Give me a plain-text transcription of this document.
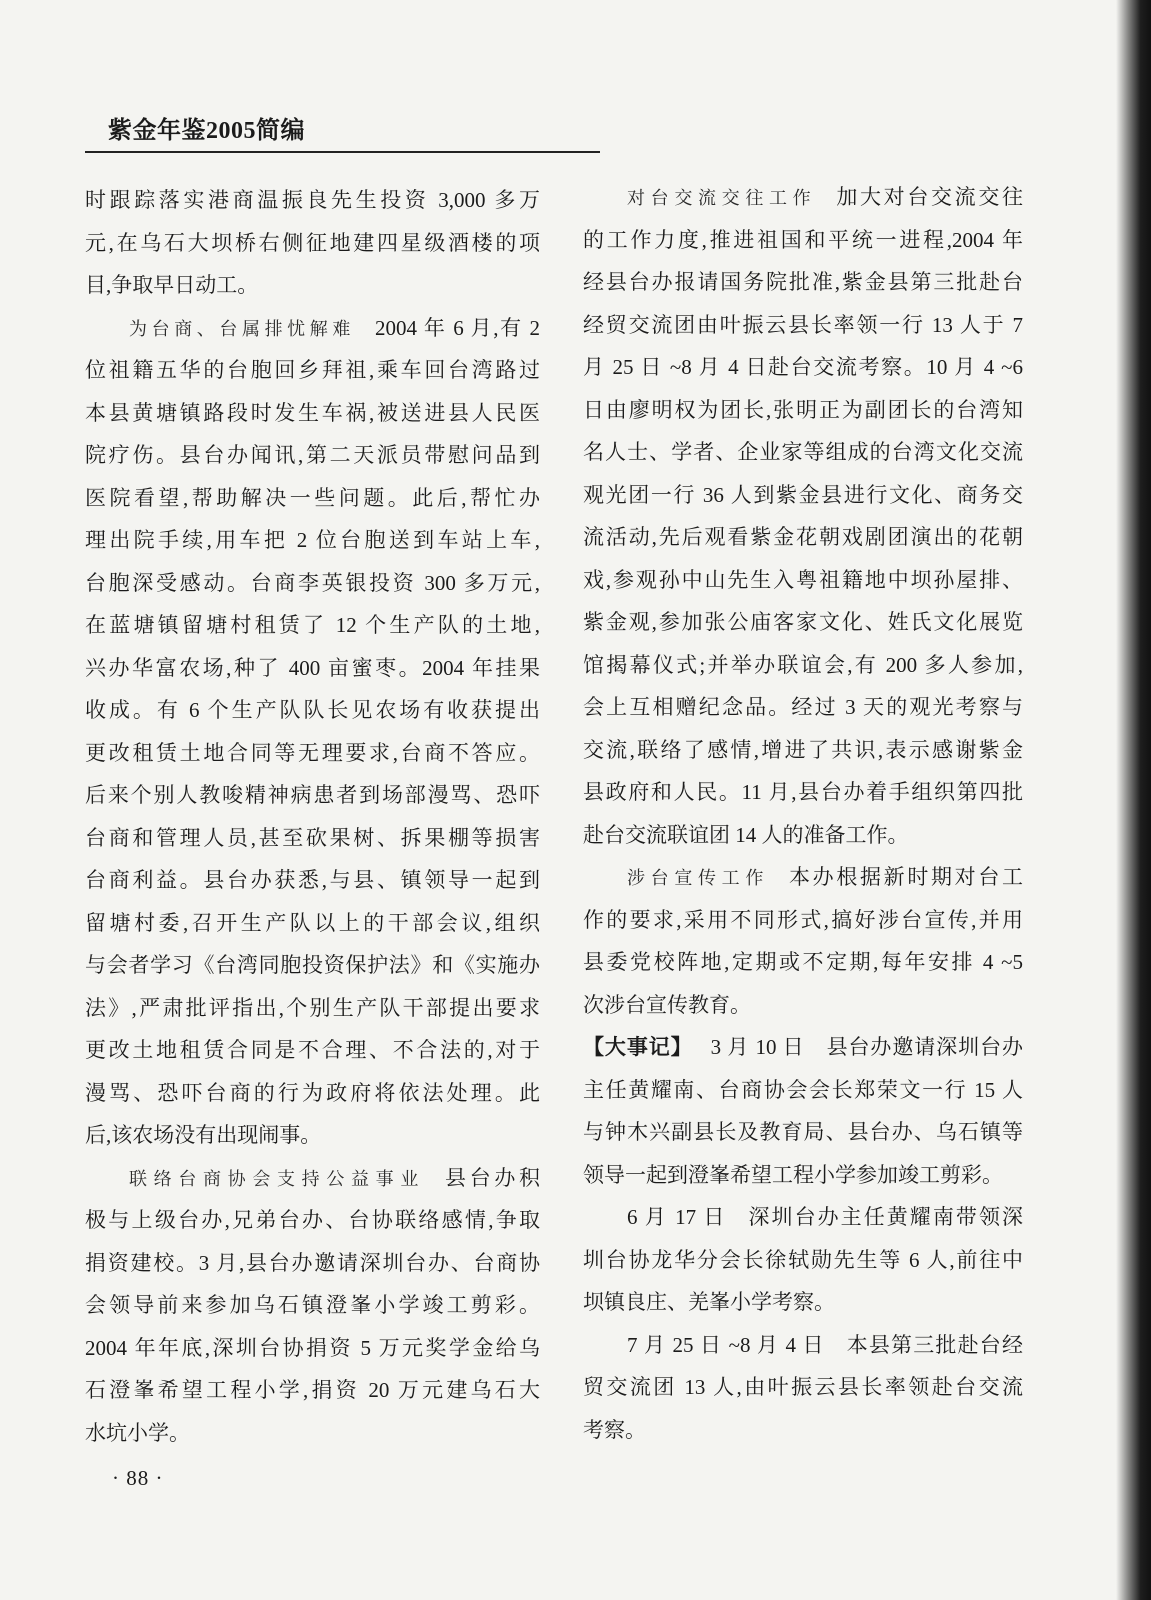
紫金年鉴2005简编
时跟踪落实港商温振良先生投资 3,000 多万
元,在乌石大坝桥右侧征地建四星级酒楼的项
目,争取早日动工。
为台商、台属排忧解难 2004 年 6 月,有 2
位祖籍五华的台胞回乡拜祖,乘车回台湾路过
本县黄塘镇路段时发生车祸,被送进县人民医
院疗伤。县台办闻讯,第二天派员带慰问品到
医院看望,帮助解决一些问题。此后,帮忙办
理出院手续,用车把 2 位台胞送到车站上车,
台胞深受感动。台商李英银投资 300 多万元,
在蓝塘镇留塘村租赁了 12 个生产队的土地,
兴办华富农场,种了 400 亩蜜枣。2004 年挂果
收成。有 6 个生产队队长见农场有收获提出
更改租赁土地合同等无理要求,台商不答应。
后来个别人教唆精神病患者到场部漫骂、恐吓
台商和管理人员,甚至砍果树、拆果棚等损害
台商利益。县台办获悉,与县、镇领导一起到
留塘村委,召开生产队以上的干部会议,组织
与会者学习《台湾同胞投资保护法》和《实施办
法》,严肃批评指出,个别生产队干部提出要求
更改土地租赁合同是不合理、不合法的,对于
漫骂、恐吓台商的行为政府将依法处理。此
后,该农场没有出现闹事。
联络台商协会支持公益事业 县台办积
极与上级台办,兄弟台办、台协联络感情,争取
捐资建校。3 月,县台办邀请深圳台办、台商协
会领导前来参加乌石镇澄峯小学竣工剪彩。
2004 年年底,深圳台协捐资 5 万元奖学金给乌
石澄峯希望工程小学,捐资 20 万元建乌石大
水坑小学。
对台交流交往工作 加大对台交流交往
的工作力度,推进祖国和平统一进程,2004 年
经县台办报请国务院批准,紫金县第三批赴台
经贸交流团由叶振云县长率领一行 13 人于 7
月 25 日 ~8 月 4 日赴台交流考察。10 月 4 ~6
日由廖明权为团长,张明正为副团长的台湾知
名人士、学者、企业家等组成的台湾文化交流
观光团一行 36 人到紫金县进行文化、商务交
流活动,先后观看紫金花朝戏剧团演出的花朝
戏,参观孙中山先生入粤祖籍地中坝孙屋排、
紫金观,参加张公庙客家文化、姓氏文化展览
馆揭幕仪式;并举办联谊会,有 200 多人参加,
会上互相赠纪念品。经过 3 天的观光考察与
交流,联络了感情,增进了共识,表示感谢紫金
县政府和人民。11 月,县台办着手组织第四批
赴台交流联谊团 14 人的准备工作。
涉台宣传工作 本办根据新时期对台工
作的要求,采用不同形式,搞好涉台宣传,并用
县委党校阵地,定期或不定期,每年安排 4 ~5
次涉台宣传教育。
【大事记】 3 月 10 日 县台办邀请深圳台办
主任黄耀南、台商协会会长郑荣文一行 15 人
与钟木兴副县长及教育局、县台办、乌石镇等
领导一起到澄峯希望工程小学参加竣工剪彩。
6 月 17 日 深圳台办主任黄耀南带领深
圳台协龙华分会长徐轼勋先生等 6 人,前往中
坝镇良庄、羌峯小学考察。
7 月 25 日 ~8 月 4 日 本县第三批赴台经
贸交流团 13 人,由叶振云县长率领赴台交流
考察。
· 88 ·
